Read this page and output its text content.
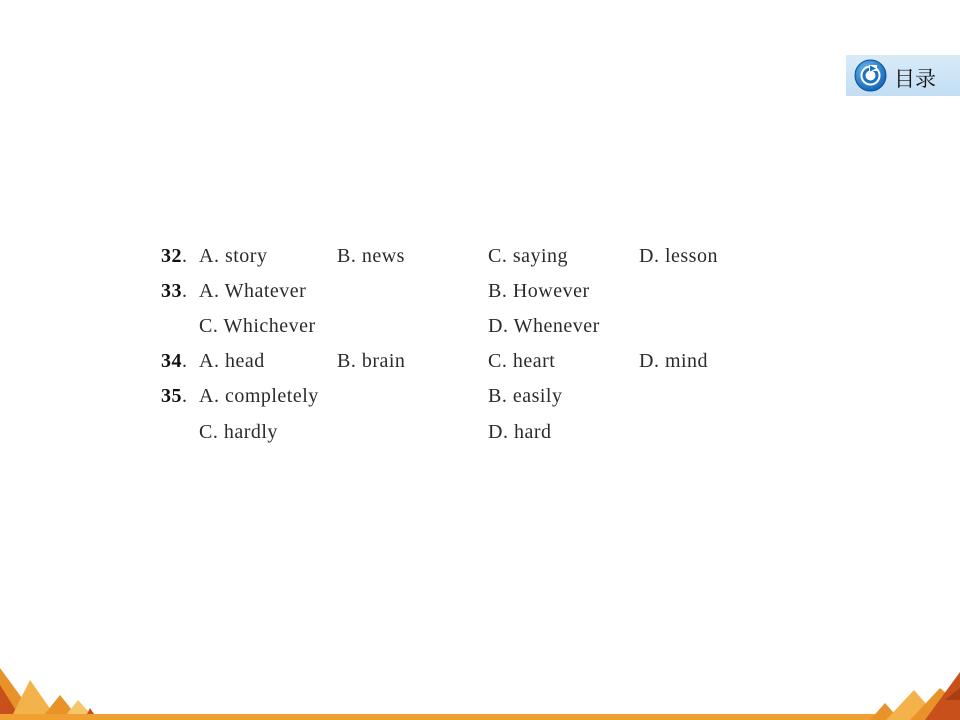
目录
32. A. story	B. news	C. saying	D. lesson
33. A. Whatever	B. However
C. Whichever	D. Whenever
34. A. head	B. brain	C. heart	D. mind
35. A. completely	B. easily
C. hardly	D. hard
